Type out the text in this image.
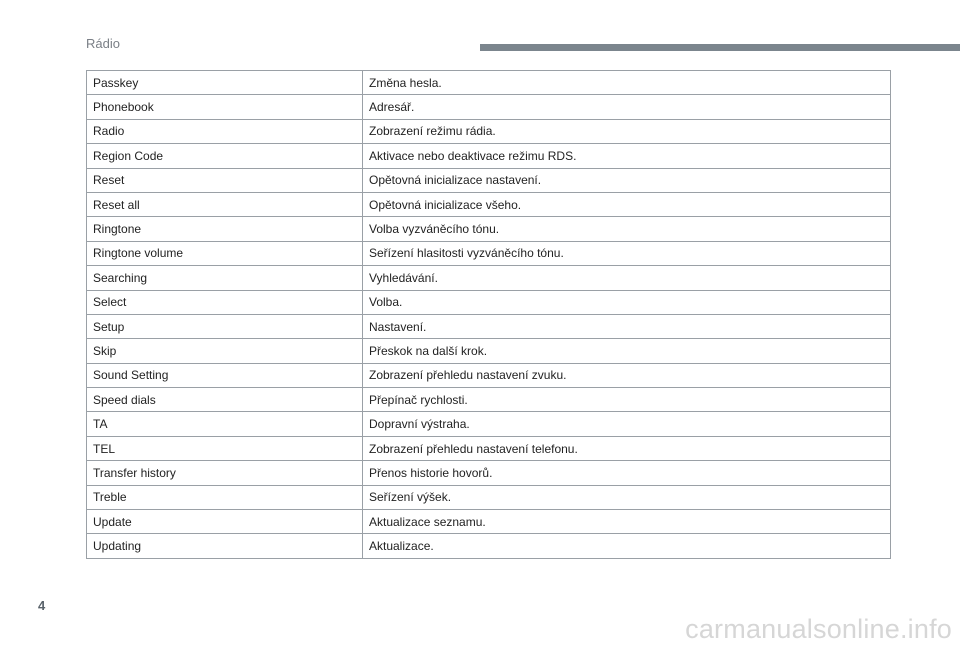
Rádio
Passkey	Změna hesla.
Phonebook	Adresář.
Radio	Zobrazení režimu rádia.
Region Code	Aktivace nebo deaktivace režimu RDS.
Reset	Opětovná inicializace nastavení.
Reset all	Opětovná inicializace všeho.
Ringtone	Volba vyzváněcího tónu.
Ringtone volume	Seřízení hlasitosti vyzváněcího tónu.
Searching	Vyhledávání.
Select	Volba.
Setup	Nastavení.
Skip	Přeskok na další krok.
Sound Setting	Zobrazení přehledu nastavení zvuku.
Speed dials	Přepínač rychlosti.
TA	Dopravní výstraha.
TEL	Zobrazení přehledu nastavení telefonu.
Transfer history	Přenos historie hovorů.
Treble	Seřízení výšek.
Update	Aktualizace seznamu.
Updating	Aktualizace.
4
carmanualsonline.info
